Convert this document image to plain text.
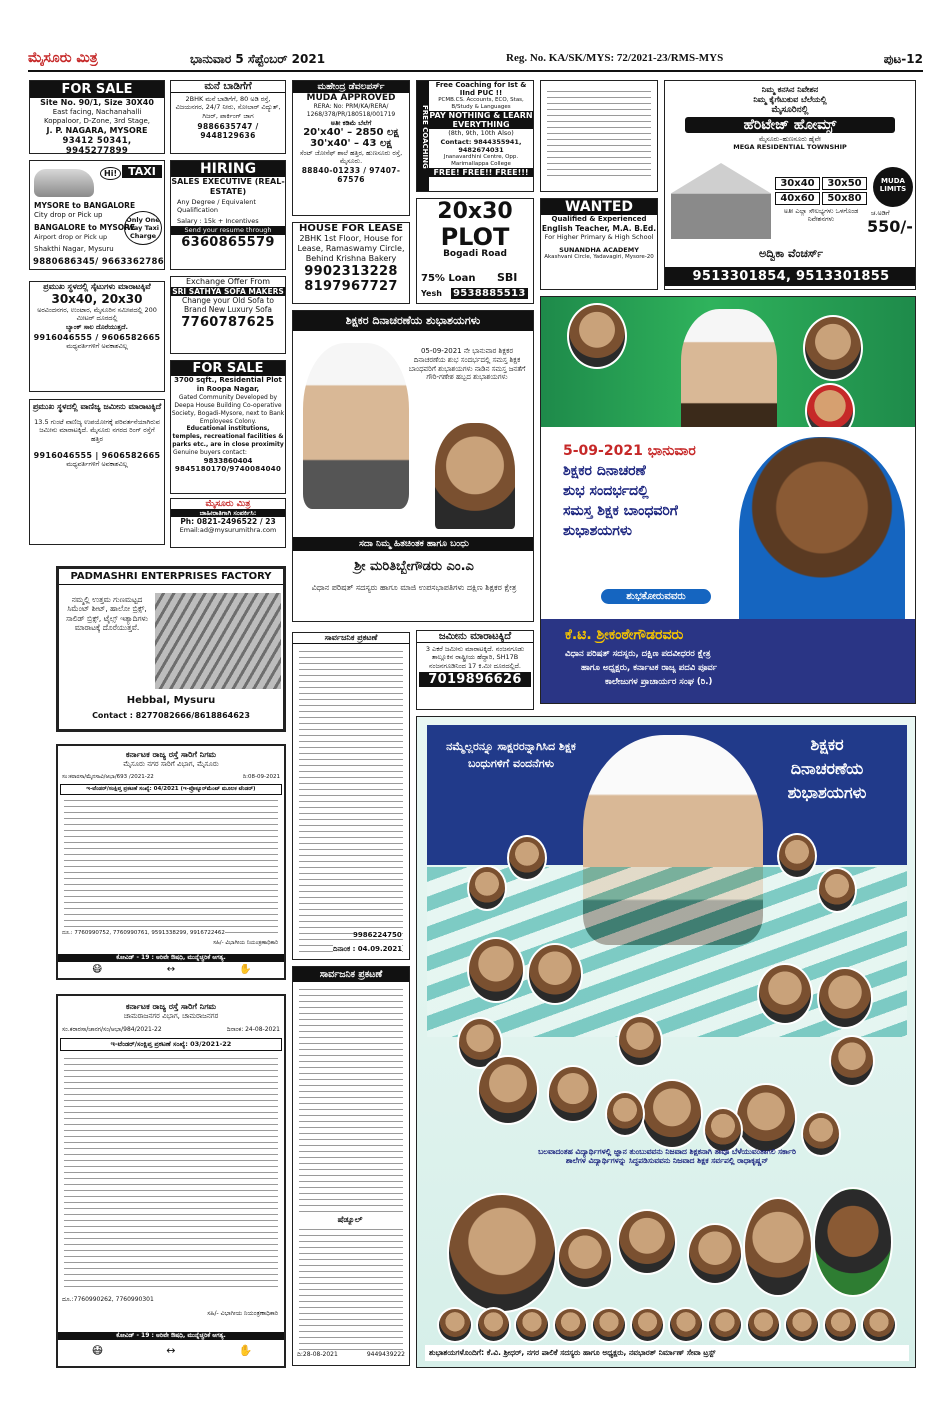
ಮೈಸೂರು ಮಿತ್ರ	ಭಾನುವಾರ 5 ಸೆಪ್ಟೆಂಬರ್ 2021	Reg. No. KA/SK/MYS: 72/2021-23/RMS-MYS	ಪುಟ-12
FOR SALE
Site No. 90/1, Size 30X40
East facing, Nachanahalli
Koppaloor, D-Zone, 3rd Stage,
J. P. NAGARA, MYSORE
93412 50341, 9945277899
Hi!	TAXI
MYSORE to BANGALORE
City drop or Pick up
BANGALORE to MYSORE
Airport drop or Pick up
Only One Way Taxi Charge
Shakthi Nagar, Mysuru
9880686345/ 9663362786
ಪ್ರಮುಖ ಸ್ಥಳದಲ್ಲಿ ಸೈಟುಗಳು ಮಾರಾಟಕ್ಕಿವೆ
30x40, 20x30
ಅರವಿಂದನಗರ, ಉಂಟಾರ, ಮೈಸೂರಿನ ಸಮೀಪದಲ್ಲಿ 200 ಮೀಟರ್ ದೂರದಲ್ಲಿ
ಬ್ಯಾಂಕ್ ಸಾಲ ದೊರೆಯುತ್ತದೆ.
9916046555 / 9606582665
ಮಧ್ಯವರ್ತಿಗಳಿಗೆ ಅವಕಾಶವಿಲ್ಲ
ಪ್ರಮುಖ ಸ್ಥಳದಲ್ಲಿ ವಾಣಿಜ್ಯ ಜಮೀನು ಮಾರಾಟಕ್ಕಿದೆ
13.5 ಗುಂಟೆ ವಾಣಿಜ್ಯ ಉಪಯೋಗಕ್ಕೆ ಪರಿವರ್ತನೆಯಾಗಿರುವ ಜಮೀನು ಮಾರಾಟಕ್ಕಿದೆ. ಮೈಸೂರು ನಗರದ ರಿಂಗ್ ರಸ್ತೆಗೆ ಹತ್ತಿರ
9916046555 | 9606582665
ಮಧ್ಯವರ್ತಿಗಳಿಗೆ ಅವಕಾಶವಿಲ್ಲ
ಮನೆ ಬಾಡಿಗೆಗೆ
2BHK ಮನೆ ಬಾಡಿಗೆಗೆ, 80 ಅಡಿ ರಸ್ತೆ, ವಿಜಯನಗರ, 24/7 ನೀರು, ಸೋಲಾರ್ ವಿದ್ಯುತ್, ಗಿಜರ್, ಪಾರ್ಕಿಂಗ್ ಜಾಗ
9886635747 / 9448129636
HIRING
SALES EXECUTIVE (REAL-ESTATE)
Any Degree / Equivalent Qualification
Salary : 15k + Incentives
Send your resume through
6360865579
Exchange Offer From
SRI SATHYA SOFA MAKERS
Change your Old Sofa to Brand New Luxury Sofa
7760787625
FOR SALE
3700 sqft., Residential Plot in Roopa Nagar,
Gated Community Developed by Deepa House Building Co-operative Society, Bogadi-Mysore, next to Bank Employees Colony.
Educational institutions, temples, recreational facilities & parks etc., are in close proximity
Genuine buyers contact:
9833860404
9845180170/9740084040
ಮೈಸೂರು ಮಿತ್ರ
ಜಾಹೀರಾತಿಗಾಗಿ ಸಂಪರ್ಕಿಸಿ:
Ph: 0821-2496522 / 23
Email:ad@mysurumithra.com
ಮಹೇಂದ್ರ ಡೆವಲಪರ್ಸ್
MUDA APPROVED
RERA: No: PRM/KA/RERA/ 1268/378/PR/180518/001719
ಅತೀ ಕಡಿಮೆ ಬೆಲೆಗೆ
20'x40' – 2850 ಲಕ್ಷ
30'x40' – 43 ಲಕ್ಷ
ಸೆಂಟ್ ಜೋಸೆಫ್ ಶಾಲೆ ಹತ್ತಿರ, ಹುಣಸೂರು ರಸ್ತೆ, ಮೈಸೂರು.
88840-01233 / 97407-67576
HOUSE FOR LEASE
2BHK 1st Floor, House for Lease, Ramaswamy Circle, Behind Krishna Bakery
9902313228
8197967727
ಶಿಕ್ಷಕರ ದಿನಾಚರಣೆಯ ಶುಭಾಶಯಗಳು
05-09-2021 ನೇ ಭಾನುವಾರ ಶಿಕ್ಷಕರ ದಿನಾಚರಣೆಯ ಶುಭ ಸಂದರ್ಭದಲ್ಲಿ ಸಮಸ್ತ ಶಿಕ್ಷಕ ಬಾಂಧವರಿಗೆ ಶುಭಾಶಯಗಳು ನಾಡಿನ ಸಮಸ್ತ ಜನತೆಗೆ ಗೌರಿ-ಗಣೇಶ ಹಬ್ಬದ ಶುಭಾಶಯಗಳು
ಸದಾ ನಿಮ್ಮ ಹಿತಚಿಂತಕ ಹಾಗೂ ಬಂಧು
ಶ್ರೀ ಮರಿತಿಬ್ಬೇಗೌಡರು ಎಂ.ಎ
ವಿಧಾನ ಪರಿಷತ್ ಸದಸ್ಯರು ಹಾಗೂ ಮಾಜಿ ಉಪಸಭಾಪತಿಗಳು ದಕ್ಷಿಣ ಶಿಕ್ಷಕರ ಕ್ಷೇತ್ರ
FREE COACHING
Free Coaching for Ist & IInd PUC !!
PCMB.CS. Accounts, ECO, Stas, B/Study & Languages
PAY NOTHING & LEARN EVERYTHING
(8th, 9th, 10th Also)
Contact: 9844355941, 9482674031
Jnanavardhini Centre, Opp. Marimallappa College
FREE! FREE!! FREE!!!
20x30
PLOT
Bogadi Road
75% Loan SBI
Yesh 9538885513
WANTED
Qualified & Experienced
English Teacher, M.A. B.Ed.
For Higher Primary & High School
SUNANDHA ACADEMY
Akashvani Circle, Yadavagiri, Mysore-20
ನಿಮ್ಮ ಕನಸಿನ ನಿವೇಶನ
ನಿಮ್ಮ ಕೈಗೆಟುಕುವ ಬೆಲೆಯಲ್ಲಿ
ಮೈಸೂರಿನಲ್ಲಿ
ಹೆರಿಟೇಜ್ ಹೋಮ್ಸ್
ಮೈಸೂರು–ಹುಣಸೂರು ಹೈವೇ
MEGA RESIDENTIAL TOWNSHIP
MUDA LIMITS
30x40	30x50
40x60	50x80
ಅತೀ ಎಲ್ಲಾ ಸೌಲಭ್ಯಗಳು ಒಳಗೊಂಡ ನಿವೇಶನಗಳು	550/-
ಚ.ಅಡಿಗೆ
ಅದ್ವಿಕಾ ವೆಂಚರ್ಸ್
9513301854, 9513301855
5-09-2021 ಭಾನುವಾರ
ಶಿಕ್ಷಕರ ದಿನಾಚರಣೆ
ಶುಭ ಸಂದರ್ಭದಲ್ಲಿ
ಸಮಸ್ತ ಶಿಕ್ಷಕ ಬಾಂಧವರಿಗೆ
ಶುಭಾಶಯಗಳು
ಶುಭಕೋರುವವರು
ಕೆ.ಟಿ. ಶ್ರೀಕಂಠೇಗೌಡರವರು
ವಿಧಾನ ಪರಿಷತ್ ಸದಸ್ಯರು, ದಕ್ಷಿಣ ಪದವೀಧರರ ಕ್ಷೇತ್ರ
ಹಾಗೂ ಅಧ್ಯಕ್ಷರು, ಕರ್ನಾಟಕ ರಾಜ್ಯ ಪದವಿ ಪೂರ್ವ
ಕಾಲೇಜುಗಳ ಪ್ರಾಚಾರ್ಯರ ಸಂಘ (ರಿ.)
PADMASHRI ENTERPRISES FACTORY
ನಮ್ಮಲ್ಲಿ ಉತ್ತಮ ಗುಣಮಟ್ಟದ ಸಿಮೆಂಟ್ ಶೀಟ್, ಹಾಲೋ ಬ್ರಿಕ್ಸ್, ಸಾಲಿಡ್ ಬ್ರಿಕ್ಸ್, ಟೈಲ್ಸ್ ಇತ್ಯಾದಿಗಳು ಮಾರಾಟಕ್ಕೆ ದೊರೆಯುತ್ತವೆ.
Hebbal, Mysuru
Contact : 8277082666/8618864623
ಸಾರ್ವಜನಿಕ ಪ್ರಕಟಣೆ
9986224750
ದಿನಾಂಕ : 04.09.2021
ಜಮೀನು ಮಾರಾಟಕ್ಕಿದೆ
3 ಎಕರೆ ಜಮೀನು ಮಾರಾಟಕ್ಕಿದೆ. ನಂಜನಗೂಡು ತಾಲ್ಲೂಕಿನ ರಾಷ್ಟ್ರೀಯ ಹೆದ್ದಾರಿ, SH17B ನಂಜನಗೂಡಿನಿಂದ 17 ಕಿ.ಮೀ ದೂರದಲ್ಲಿದೆ.
7019896626
ಕರ್ನಾಟಕ ರಾಜ್ಯ ರಸ್ತೆ ಸಾರಿಗೆ ನಿಗಮ
ಮೈಸೂರು ನಗರ ಸಾರಿಗೆ ವಿಭಾಗ, ಮೈಸೂರು
ಸಂ:ಕರಾರಸಾ/ಮೈನಸಾವಿ/ಆಭಾ/693 /2021-22	ದಿ:08-09-2021
ಇ-ಟೆಂಡರ್/ಸಂಕ್ಷಿಪ್ತ ಪ್ರಕಟಣೆ ಸಂಖ್ಯೆ: 04/2021 (ಇ-ಪ್ರೊಕ್ಯೂರ್‌ಮೆಂಟ್ ಮೂಲಕ ಟೆಂಡರ್)
ದೂ.: 7760990752, 7760990761, 9591338299, 9916722462
ಸಹಿ/- ವಿಭಾಗೀಯ ನಿಯಂತ್ರಣಾಧಿಕಾರಿ
ಕೋವಿಡ್ - 19 : ಅರಿವೇ ಔಷಧಿ, ಮುನ್ನೆಚ್ಚರಿಕೆ ಅಗತ್ಯ.
😷	↔	✋
ಕರ್ನಾಟಕ ರಾಜ್ಯ ರಸ್ತೆ ಸಾರಿಗೆ ನಿಗಮ
ಚಾಮರಾಜನಗರ ವಿಭಾಗ, ಚಾಮರಾಜನಗರ
ಸಂ.ಕರಾರಸಾ/ಚಾನಗ/ಸಂ/ಆಭಾ/984/2021-22	ದಿನಾಂಕ: 24-08-2021
ಇ-ಟೆಂಡರ್/ಸಂಕ್ಷಿಪ್ತ ಪ್ರಕಟಣೆ ಸಂಖ್ಯೆ: 03/2021-22
ದೂ.:7760990262, 7760990301
ಸಹಿ/- ವಿಭಾಗೀಯ ನಿಯಂತ್ರಣಾಧಿಕಾರಿ
ಕೋವಿಡ್ - 19 : ಅರಿವೇ ಔಷಧಿ, ಮುನ್ನೆಚ್ಚರಿಕೆ ಅಗತ್ಯ.
😷	↔	✋
ಸಾರ್ವಜನಿಕ ಪ್ರಕಟಣೆ
ಷೆಡ್ಯೂಲ್
ದಿ:28-08-2021	9449439222
ನಮ್ಮೆಲ್ಲರನ್ನೂ ಸಾಕ್ಷರರನ್ನಾಗಿಸಿದ ಶಿಕ್ಷಕ ಬಂಧುಗಳಿಗೆ ವಂದನೆಗಳು
ಶಿಕ್ಷಕರ
ದಿನಾಚರಣೆಯ
ಶುಭಾಶಯಗಳು
ಬಲವಾದಂತಹ ವಿದ್ಯಾರ್ಥಿಗಳಲ್ಲಿ ಜ್ಞಾನ ತುಂಬುವವನು ನಿಜವಾದ ಶಿಕ್ಷಕನಾಗಿ ತಾವೂ ಬೆಳೆಯುವಂತಾಗಲಿ ಸರ್ಕಾರಿ ಶಾಲೆಗಳ ವಿದ್ಯಾರ್ಥಿಗಳನ್ನು ಸಿದ್ಧಪಡಿಸುವವನು ನಿಜವಾದ ಶಿಕ್ಷಕ ಸರ್ವಪಲ್ಲಿ ರಾಧಾಕೃಷ್ಣನ್
ಶುಭಾಶಯಗಳೊಂದಿಗೆ: ಕೆ.ವಿ. ಶ್ರೀಧರ್, ನಗರ ಪಾಲಿಕೆ ಸದಸ್ಯರು ಹಾಗೂ ಅಧ್ಯಕ್ಷರು, ನವಭಾರತ್ ನಿರ್ಮಾಣ್ ಸೇವಾ ಟ್ರಸ್ಟ್
